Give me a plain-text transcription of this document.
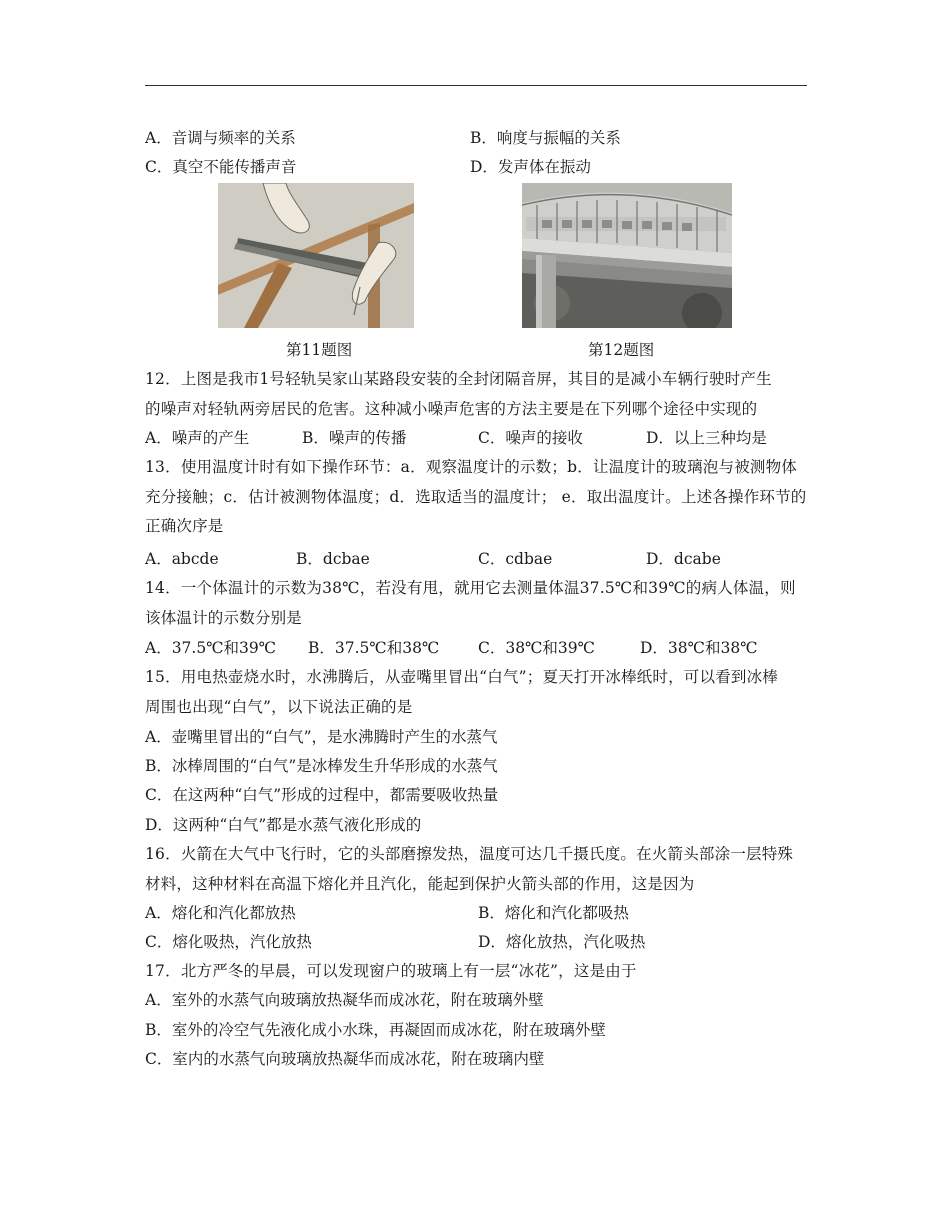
A．音调与频率的关系	B．响度与振幅的关系
C．真空不能传播声音	D．发声体在振动
第11题图	第12题图
12．上图是我市1号轻轨吴家山某路段安装的全封闭隔音屏，其目的是减小车辆行驶时产生
的噪声对轻轨两旁居民的危害。这种减小噪声危害的方法主要是在下列哪个途径中实现的
A．噪声的产生	B．噪声的传播	C．噪声的接收	D．以上三种均是
13．使用温度计时有如下操作环节：a．观察温度计的示数；b．让温度计的玻璃泡与被测物体
充分接触；c．估计被测物体温度；d．选取适当的温度计； e．取出温度计。上述各操作环节的
正确次序是
A．abcde	B．dcbae	C．cdbae	D．dcabe
14．一个体温计的示数为38℃，若没有甩，就用它去测量体温37.5℃和39℃的病人体温，则
该体温计的示数分别是
A．37.5℃和39℃ B．37.5℃和38℃ C．38℃和39℃	D．38℃和38℃
15．用电热壶烧水时，水沸腾后，从壶嘴里冒出“白气”；夏天打开冰棒纸时，可以看到冰棒
周围也出现“白气”，以下说法正确的是
A．壶嘴里冒出的“白气”，是水沸腾时产生的水蒸气
B．冰棒周围的“白气”是冰棒发生升华形成的水蒸气
C．在这两种“白气”形成的过程中，都需要吸收热量
D．这两种“白气”都是水蒸气液化形成的
16．火箭在大气中飞行时，它的头部磨擦发热，温度可达几千摄氏度。在火箭头部涂一层特殊
材料，这种材料在高温下熔化并且汽化，能起到保护火箭头部的作用，这是因为
A．熔化和汽化都放热	B．熔化和汽化都吸热
C．熔化吸热，汽化放热	D．熔化放热，汽化吸热
17．北方严冬的早晨，可以发现窗户的玻璃上有一层“冰花”，这是由于
A．室外的水蒸气向玻璃放热凝华而成冰花，附在玻璃外壁
B．室外的冷空气先液化成小水珠，再凝固而成冰花，附在玻璃外壁
C．室内的水蒸气向玻璃放热凝华而成冰花，附在玻璃内壁
